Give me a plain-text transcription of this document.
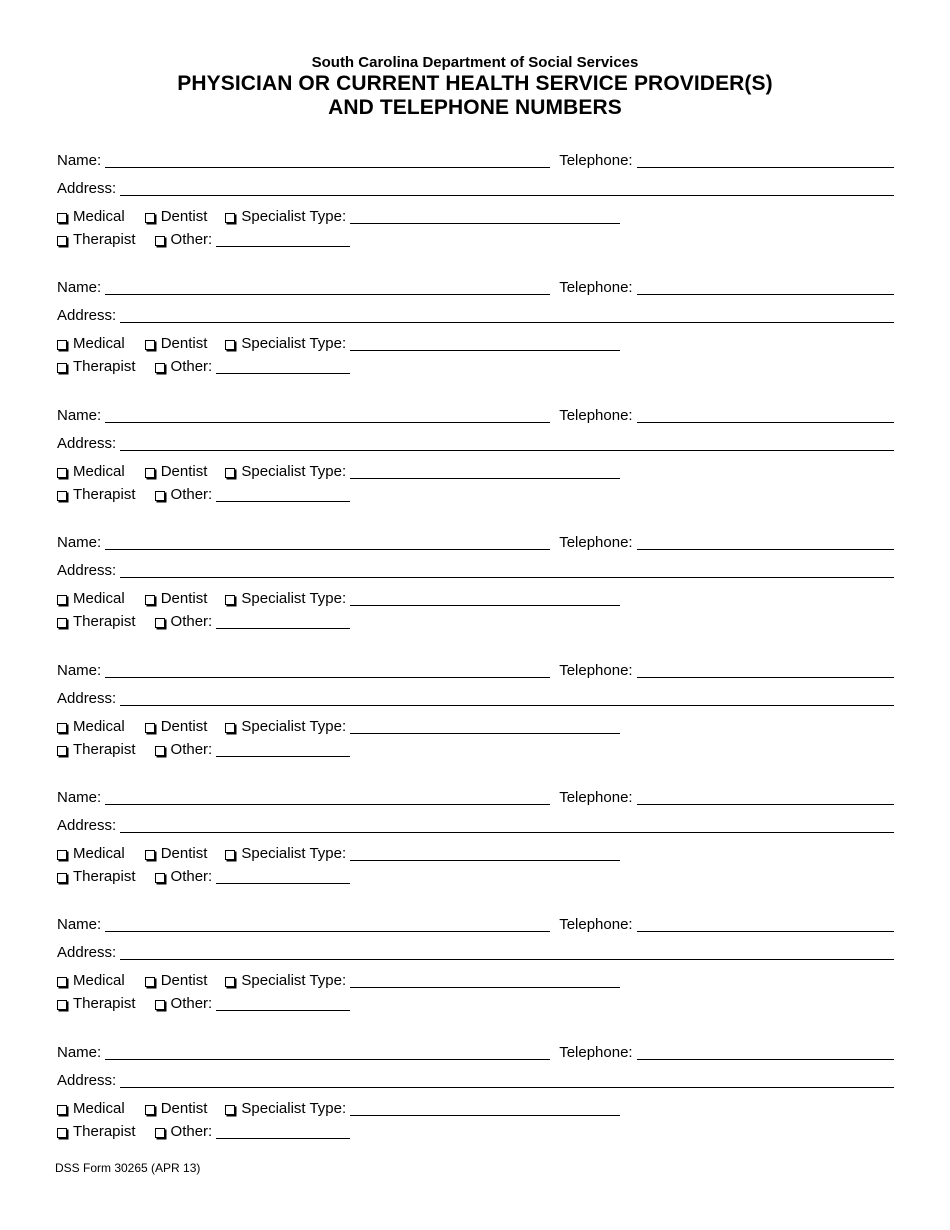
South Carolina Department of Social Services
PHYSICIAN OR CURRENT HEALTH SERVICE PROVIDER(S)
AND TELEPHONE NUMBERS
Name:	Telephone:
Address:
Medical Dentist Specialist Type:
Therapist Other:
Name:	Telephone:
Address:
Medical Dentist Specialist Type:
Therapist Other:
Name:	Telephone:
Address:
Medical Dentist Specialist Type:
Therapist Other:
Name:	Telephone:
Address:
Medical Dentist Specialist Type:
Therapist Other:
Name:	Telephone:
Address:
Medical Dentist Specialist Type:
Therapist Other:
Name:	Telephone:
Address:
Medical Dentist Specialist Type:
Therapist Other:
Name:	Telephone:
Address:
Medical Dentist Specialist Type:
Therapist Other:
Name:	Telephone:
Address:
Medical Dentist Specialist Type:
Therapist Other:
DSS Form 30265 (APR 13)
